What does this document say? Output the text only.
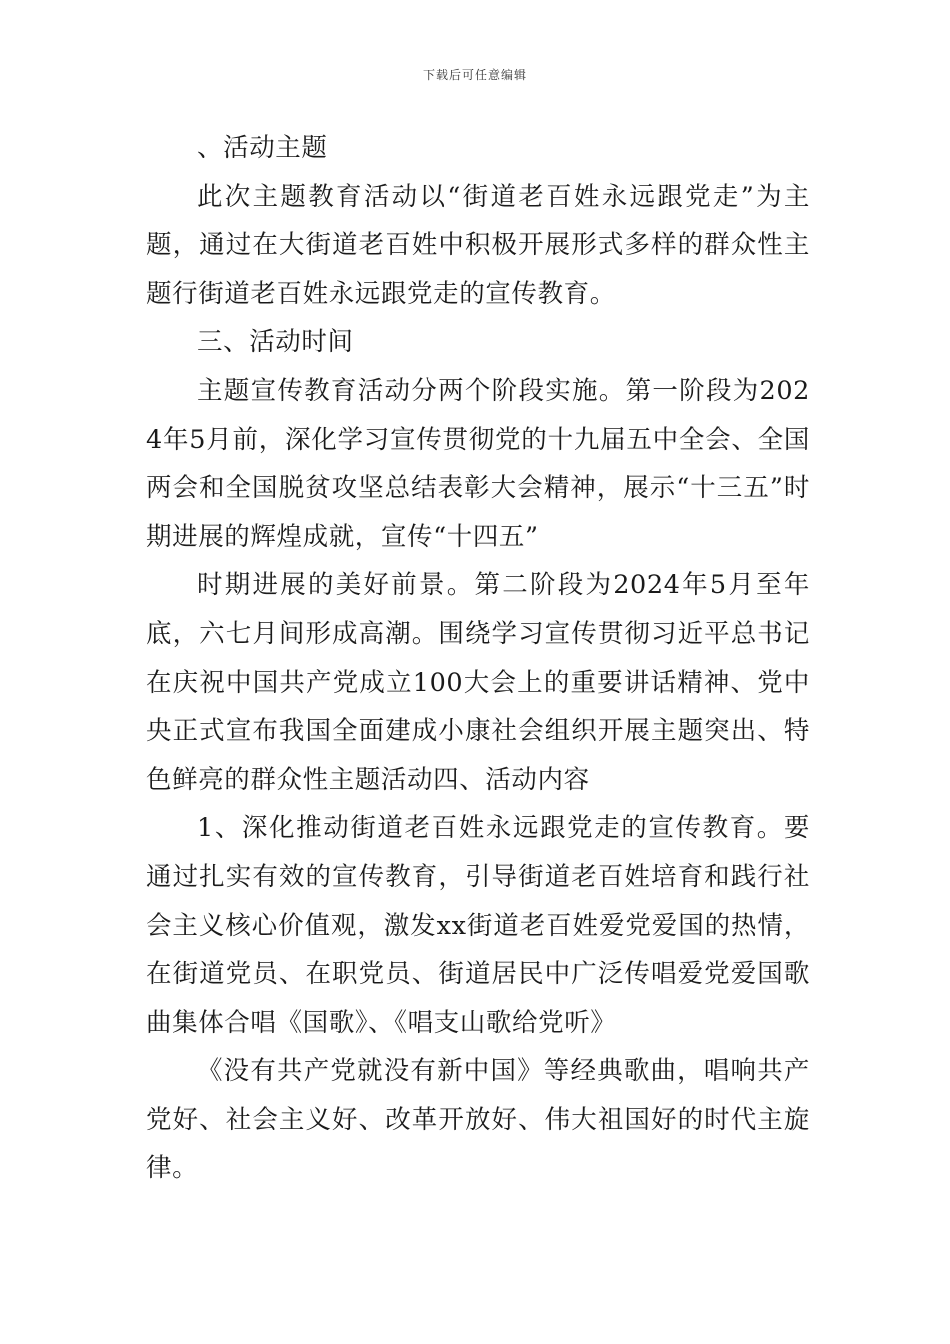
下载后可任意编辑

、活动主题

此次主题教育活动以“街道老百姓永远跟党走”为主题，通过在大街道老百姓中积极开展形式多样的群众性主题行街道老百姓永远跟党走的宣传教育。

三、活动时间

主题宣传教育活动分两个阶段实施。第一阶段为2024年5月前，深化学习宣传贯彻党的十九届五中全会、全国两会和全国脱贫攻坚总结表彰大会精神，展示“十三五”时期进展的辉煌成就，宣传“十四五”

时期进展的美好前景。第二阶段为2024年5月至年底，六七月间形成高潮。围绕学习宣传贯彻习近平总书记在庆祝中国共产党成立100大会上的重要讲话精神、党中央正式宣布我国全面建成小康社会组织开展主题突出、特色鲜亮的群众性主题活动四、活动内容

1、深化推动街道老百姓永远跟党走的宣传教育。要通过扎实有效的宣传教育，引导街道老百姓培育和践行社会主义核心价值观，激发xx街道老百姓爱党爱国的热情，在街道党员、在职党员、街道居民中广泛传唱爱党爱国歌曲集体合唱《国歌》、《唱支山歌给党听》

《没有共产党就没有新中国》等经典歌曲，唱响共产党好、社会主义好、改革开放好、伟大祖国好的时代主旋律。
